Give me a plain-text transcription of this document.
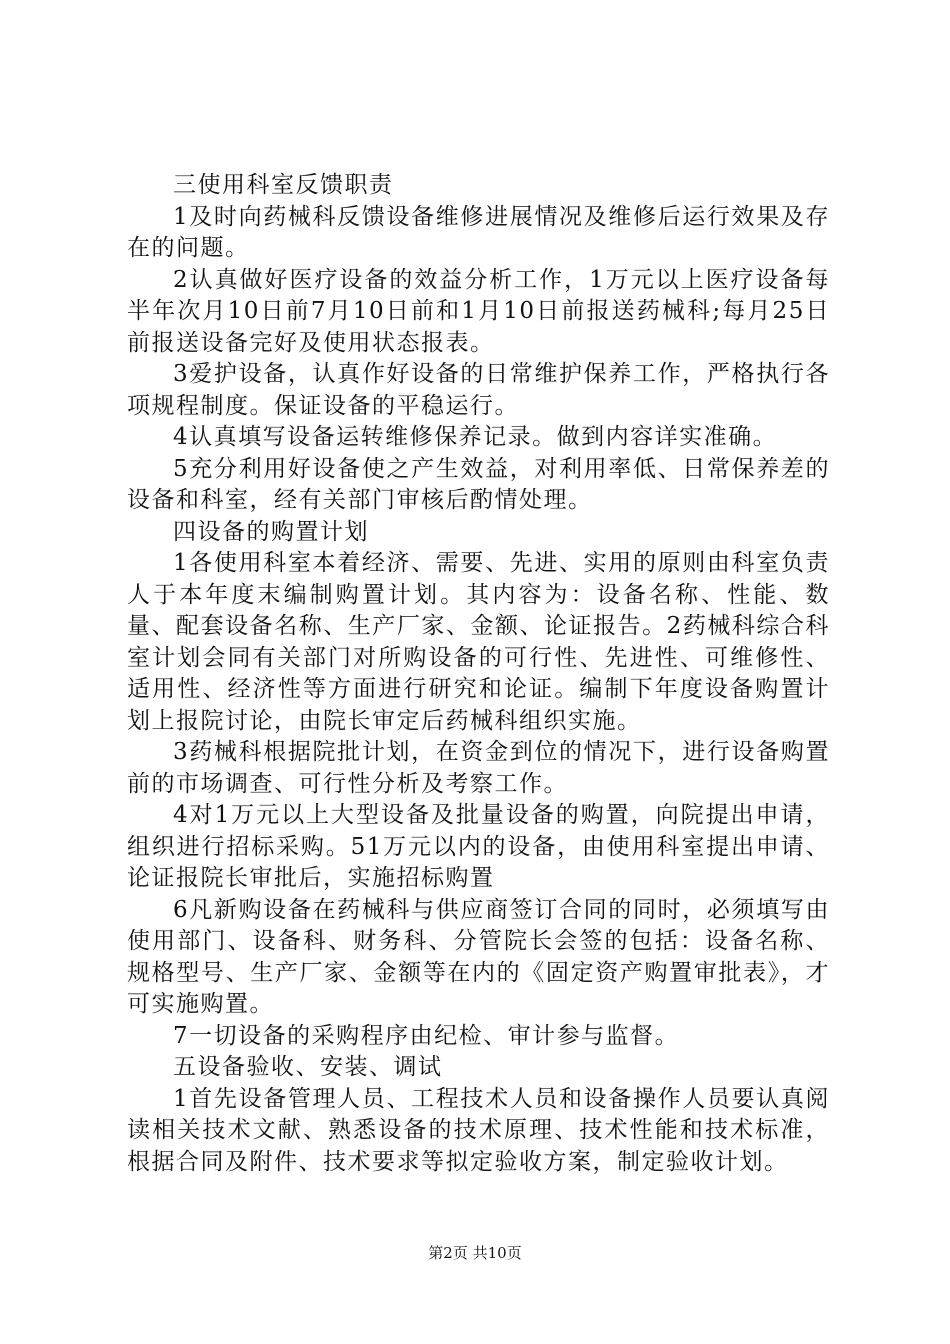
三使用科室反馈职责

1及时向药械科反馈设备维修进展情况及维修后运行效果及存在的问题。

2认真做好医疗设备的效益分析工作，1万元以上医疗设备每半年次月10日前7月10日前和1月10日前报送药械科;每月25日前报送设备完好及使用状态报表。

3爱护设备，认真作好设备的日常维护保养工作，严格执行各项规程制度。保证设备的平稳运行。

4认真填写设备运转维修保养记录。做到内容详实准确。

5充分利用好设备使之产生效益，对利用率低、日常保养差的设备和科室，经有关部门审核后酌情处理。

四设备的购置计划

1各使用科室本着经济、需要、先进、实用的原则由科室负责人于本年度末编制购置计划。其内容为：设备名称、性能、数量、配套设备名称、生产厂家、金额、论证报告。2药械科综合科室计划会同有关部门对所购设备的可行性、先进性、可维修性、适用性、经济性等方面进行研究和论证。编制下年度设备购置计划上报院讨论，由院长审定后药械科组织实施。

3药械科根据院批计划，在资金到位的情况下，进行设备购置前的市场调查、可行性分析及考察工作。

4对1万元以上大型设备及批量设备的购置，向院提出申请，组织进行招标采购。51万元以内的设备，由使用科室提出申请、论证报院长审批后，实施招标购置

6凡新购设备在药械科与供应商签订合同的同时，必须填写由使用部门、设备科、财务科、分管院长会签的包括：设备名称、规格型号、生产厂家、金额等在内的《固定资产购置审批表》，才可实施购置。

7一切设备的采购程序由纪检、审计参与监督。

五设备验收、安装、调试

1首先设备管理人员、工程技术人员和设备操作人员要认真阅读相关技术文献、熟悉设备的技术原理、技术性能和技术标准，根据合同及附件、技术要求等拟定验收方案，制定验收计划。

第2页 共10页
